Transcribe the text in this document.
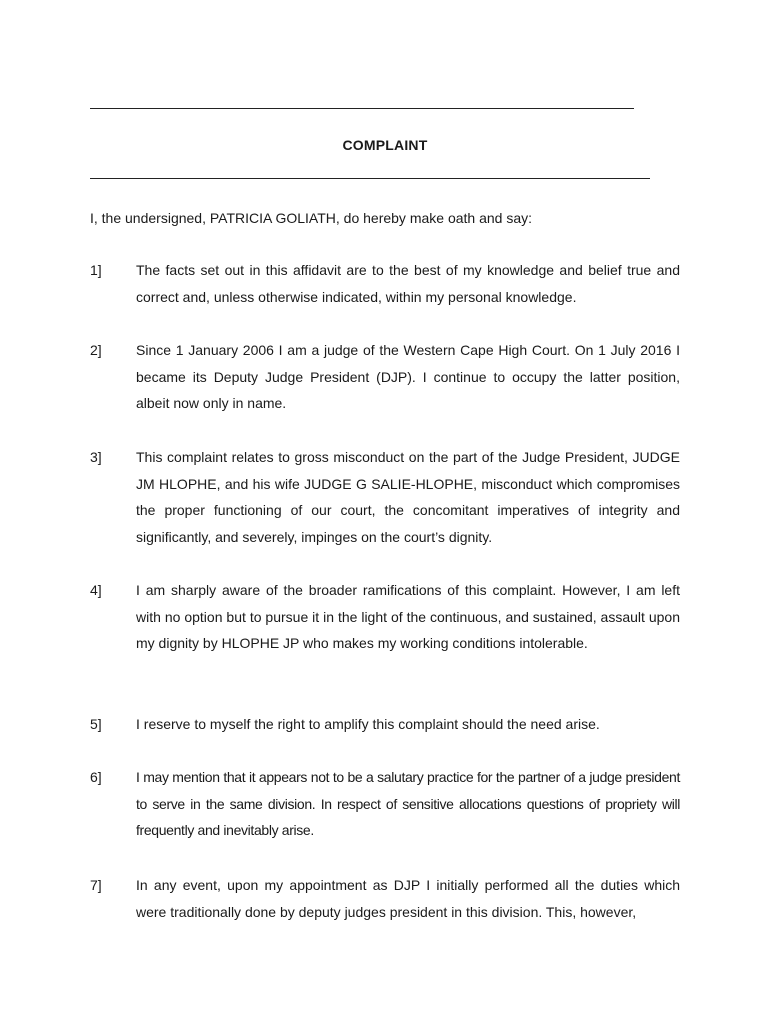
COMPLAINT
I, the undersigned, PATRICIA GOLIATH, do hereby make oath and say:
1] The facts set out in this affidavit are to the best of my knowledge and belief true and correct and, unless otherwise indicated, within my personal knowledge.
2] Since 1 January 2006 I am a judge of the Western Cape High Court. On 1 July 2016 I became its Deputy Judge President (DJP). I continue to occupy the latter position, albeit now only in name.
3] This complaint relates to gross misconduct on the part of the Judge President, JUDGE JM HLOPHE, and his wife JUDGE G SALIE-HLOPHE, misconduct which compromises the proper functioning of our court, the concomitant imperatives of integrity and significantly, and severely, impinges on the court’s dignity.
4] I am sharply aware of the broader ramifications of this complaint. However, I am left with no option but to pursue it in the light of the continuous, and sustained, assault upon my dignity by HLOPHE JP who makes my working conditions intolerable.
5] I reserve to myself the right to amplify this complaint should the need arise.
6] I may mention that it appears not to be a salutary practice for the partner of a judge president to serve in the same division. In respect of sensitive allocations questions of propriety will frequently and inevitably arise.
7] In any event, upon my appointment as DJP I initially performed all the duties which were traditionally done by deputy judges president in this division. This, however,
